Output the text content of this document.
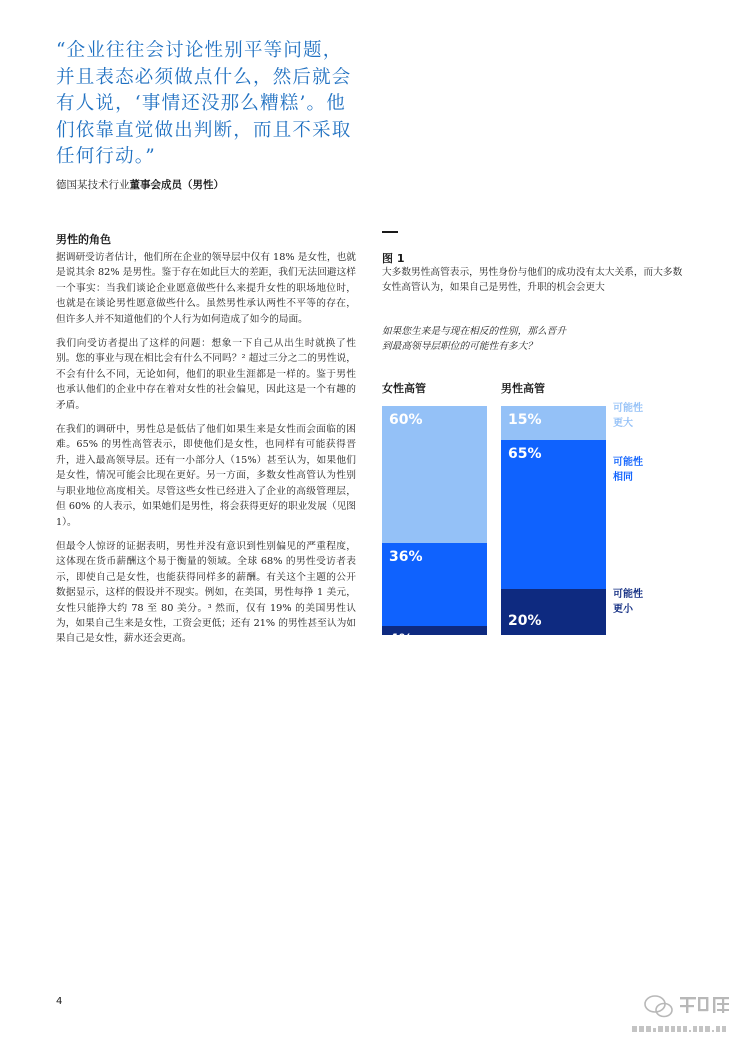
“企业往往会讨论性别平等问题，并且表态必须做点什么，然后就会有人说，‘事情还没那么糟糕’。他们依靠直觉做出判断，而且不采取任何行动。”

德国某技术行业董事会成员（男性）

男性的角色

据调研受访者估计，他们所在企业的领导层中仅有 18% 是女性，也就是说其余 82% 是男性。鉴于存在如此巨大的差距，我们无法回避这样一个事实：当我们谈论企业愿意做些什么来提升女性的职场地位时，也就是在谈论男性愿意做些什么。虽然男性承认两性不平等的存在，但许多人并不知道他们的个人行为如何造成了如今的局面。

我们向受访者提出了这样的问题：想象一下自己从出生时就换了性别。您的事业与现在相比会有什么不同吗？² 超过三分之二的男性说，不会有什么不同，无论如何，他们的职业生涯都是一样的。鉴于男性也承认他们的企业中存在着对女性的社会偏见，因此这是一个有趣的矛盾。

在我们的调研中，男性总是低估了他们如果生来是女性而会面临的困难。65% 的男性高管表示，即使他们是女性，也同样有可能获得晋升，进入最高领导层。还有一小部分人（15%）甚至认为，如果他们是女性，情况可能会比现在更好。另一方面，多数女性高管认为性别与职业地位高度相关。尽管这些女性已经进入了企业的高级管理层，但 60% 的人表示，如果她们是男性，将会获得更好的职业发展（见图 1）。

但最令人惊讶的证据表明，男性并没有意识到性别偏见的严重程度，这体现在货币薪酬这个易于衡量的领域。全球 68% 的男性受访者表示，即使自己是女性，也能获得同样多的薪酬。有关这个主题的公开数据显示，这样的假设并不现实。例如，在美国，男性每挣 1 美元，女性只能挣大约 78 至 80 美分。³ 然而，仅有 19% 的美国男性认为，如果自己生来是女性，工资会更低；还有 21% 的男性甚至认为如果自己是女性，薪水还会更高。

图 1

大多数男性高管表示，男性身份与他们的成功没有太大关系，而大多数女性高管认为，如果自己是男性，升职的机会会更大

如果您生来是与现在相反的性别，那么晋升
到最高领导层职位的可能性有多大？

女性高管

60%
36%
4%

男性高管

15%
65%
20%
可能性
更大
可能性
相同
可能性
更小

4
